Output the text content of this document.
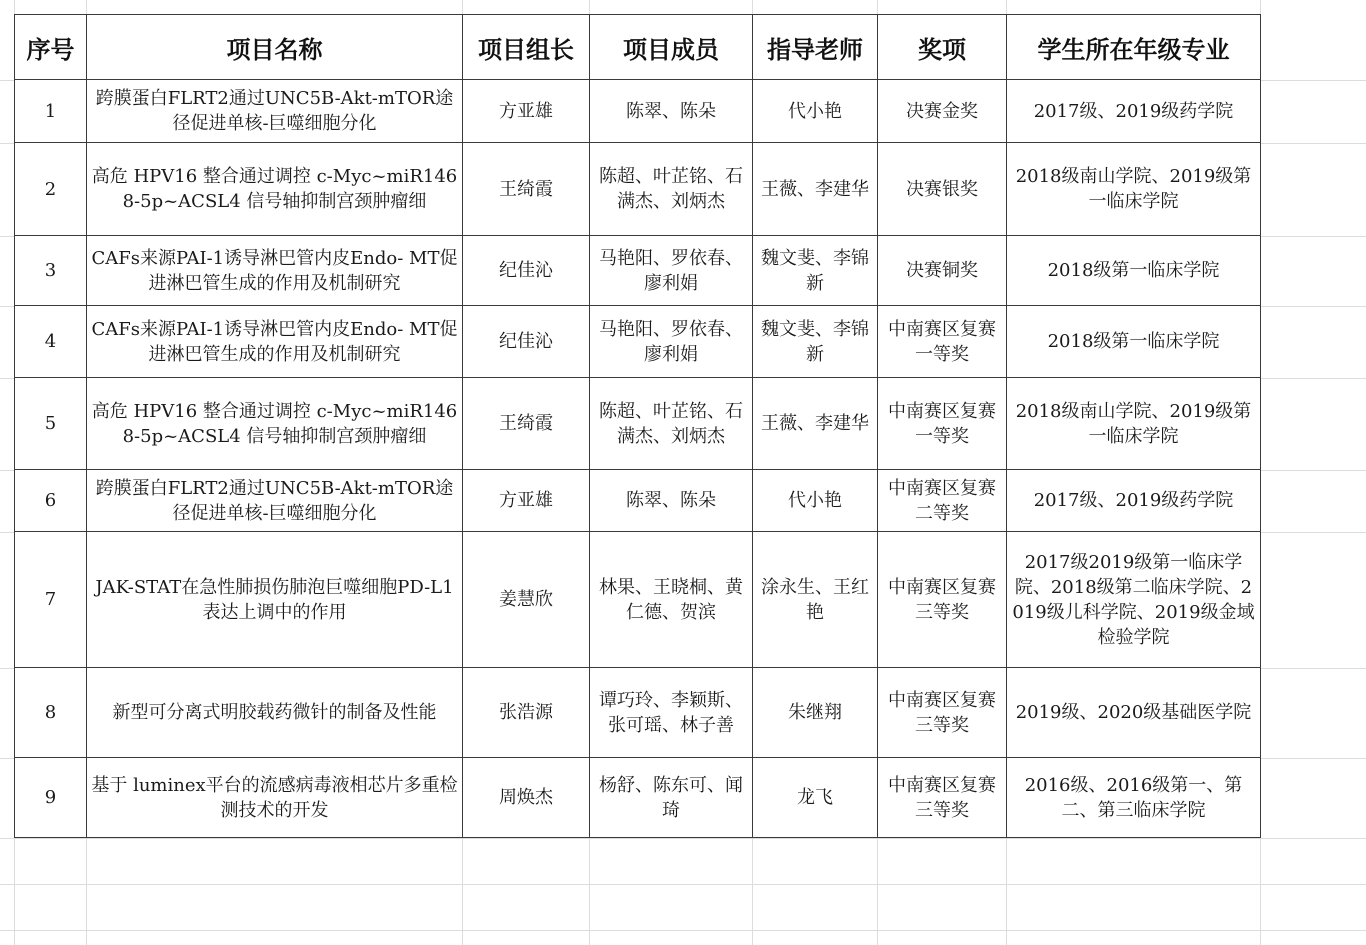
序号	项目名称	项目组长	项目成员	指导老师	奖项	学生所在年级专业
1	跨膜蛋白FLRT2通过UNC5B-Akt-mTOR途径促进单核-巨噬细胞分化	方亚雄	陈翠、陈朵	代小艳	决赛金奖	2017级、2019级药学院
2	高危 HPV16 整合通过调控 c-Myc~miR1468-5p~ACSL4 信号轴抑制宫颈肿瘤细	王绮霞	陈超、叶芷铭、石满杰、刘炳杰	王薇、李建华	决赛银奖	2018级南山学院、2019级第一临床学院
3	CAFs来源PAI-1诱导淋巴管内皮Endo- MT促进淋巴管生成的作用及机制研究	纪佳沁	马艳阳、罗依春、廖利娟	魏文斐、李锦新	决赛铜奖	2018级第一临床学院
4	CAFs来源PAI-1诱导淋巴管内皮Endo- MT促进淋巴管生成的作用及机制研究	纪佳沁	马艳阳、罗依春、廖利娟	魏文斐、李锦新	中南赛区复赛一等奖	2018级第一临床学院
5	高危 HPV16 整合通过调控 c-Myc~miR1468-5p~ACSL4 信号轴抑制宫颈肿瘤细	王绮霞	陈超、叶芷铭、石满杰、刘炳杰	王薇、李建华	中南赛区复赛一等奖	2018级南山学院、2019级第一临床学院
6	跨膜蛋白FLRT2通过UNC5B-Akt-mTOR途径促进单核-巨噬细胞分化	方亚雄	陈翠、陈朵	代小艳	中南赛区复赛二等奖	2017级、2019级药学院
7	JAK-STAT在急性肺损伤肺泡巨噬细胞PD-L1表达上调中的作用	姜慧欣	林果、王晓桐、黄仁德、贺滨	涂永生、王红艳	中南赛区复赛三等奖	2017级2019级第一临床学院、2018级第二临床学院、2019级儿科学院、2019级金域检验学院
8	新型可分离式明胶载药微针的制备及性能	张浩源	谭巧玲、李颖斯、张可瑶、林子善	朱继翔	中南赛区复赛三等奖	2019级、2020级基础医学院
9	基于 luminex平台的流感病毒液相芯片多重检测技术的开发	周焕杰	杨舒、陈东可、闻琦	龙飞	中南赛区复赛三等奖	2016级、2016级第一、第二、第三临床学院
